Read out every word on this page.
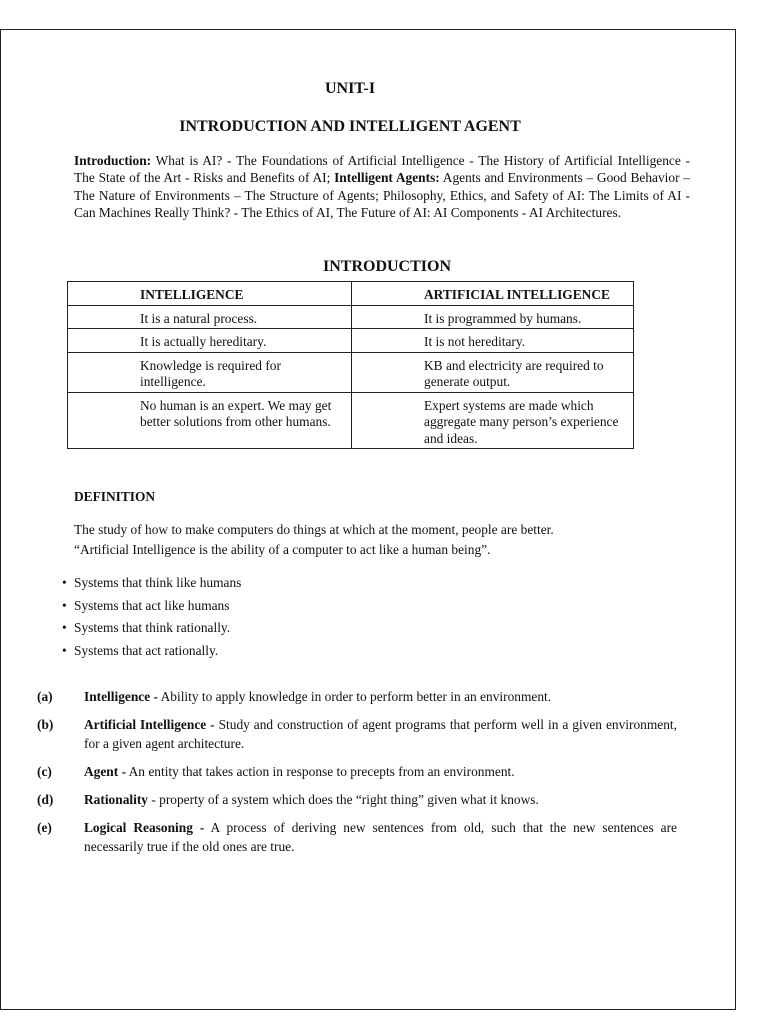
UNIT-I
INTRODUCTION AND INTELLIGENT AGENT

Introduction: What is AI? - The Foundations of Artificial Intelligence - The History of Artificial Intelligence - The State of the Art - Risks and Benefits of AI; Intelligent Agents: Agents and Environments – Good Behavior – The Nature of Environments – The Structure of Agents; Philosophy, Ethics, and Safety of AI: The Limits of AI - Can Machines Really Think? - The Ethics of AI, The Future of AI: AI Components - AI Architectures.

INTRODUCTION
INTELLIGENCE	ARTIFICIAL INTELLIGENCE
It is a natural process.	It is programmed by humans.
It is actually hereditary.	It is not hereditary.
Knowledge is required for intelligence.	KB and electricity are required to generate output.
No human is an expert. We may get better solutions from other humans.	Expert systems are made which aggregate many person’s experience and ideas.
DEFINITION
The study of how to make computers do things at which at the moment, people are better.
“Artificial Intelligence is the ability of a computer to act like a human being”.
• Systems that think like humans
• Systems that act like humans
• Systems that think rationally.
• Systems that act rationally.
(a) Intelligence - Ability to apply knowledge in order to perform better in an environment.
(b) Artificial Intelligence - Study and construction of agent programs that perform well in a given environment, for a given agent architecture.
(c) Agent - An entity that takes action in response to precepts from an environment.
(d) Rationality - property of a system which does the “right thing” given what it knows.
(e) Logical Reasoning - A process of deriving new sentences from old, such that the new sentences are necessarily true if the old ones are true.
